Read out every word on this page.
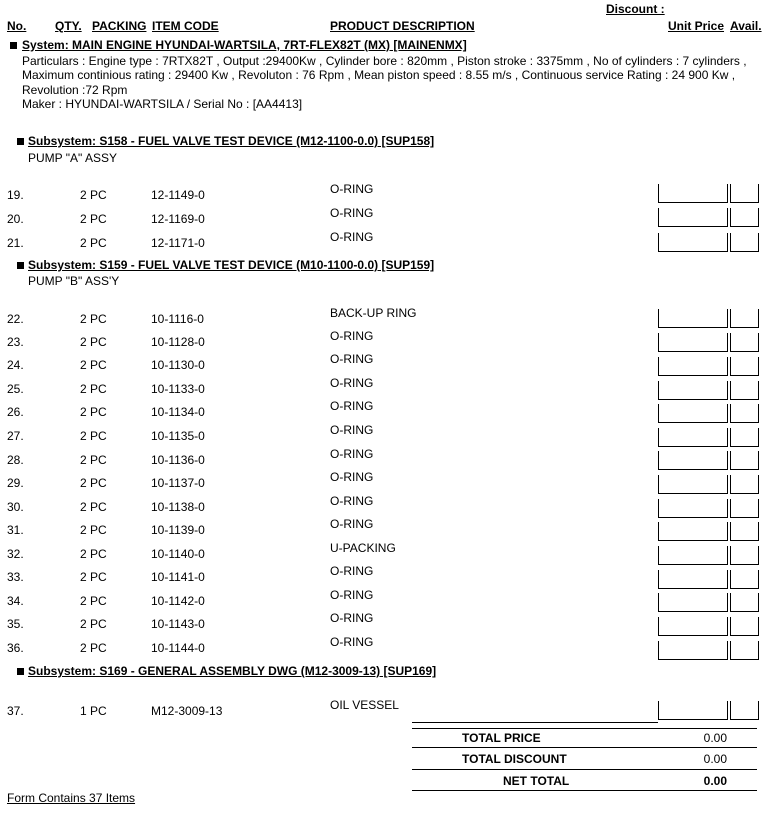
Discount :
No. QTY. PACKING ITEM CODE	PRODUCT DESCRIPTION	Unit Price Avail.
System: MAIN ENGINE HYUNDAI-WARTSILA, 7RT-FLEX82T (MX) [MAINENMX]
Particulars : Engine type : 7RTX82T , Output :29400Kw , Cylinder bore : 820mm , Piston stroke : 3375mm , No of cylinders : 7 cylinders , Maximum continious rating : 29400 Kw , Revoluton : 76 Rpm , Mean piston speed : 8.55 m/s , Continuous service Rating : 24 900 Kw , Revolution :72 Rpm
Maker : HYUNDAI-WARTSILA / Serial No : [AA4413]
Subsystem: S158 - FUEL VALVE TEST DEVICE (M12-1100-0.0) [SUP158]
PUMP "A" ASSY
Subsystem: S159 - FUEL VALVE TEST DEVICE (M10-1100-0.0) [SUP159]
PUMP "B" ASS'Y
Subsystem: S169 - GENERAL ASSEMBLY DWG (M12-3009-13) [SUP169]
19.	2 PC	12-1149-0	O-RING
20.	2 PC	12-1169-0	O-RING
21.	2 PC	12-1171-0	O-RING
22.	2 PC	10-1116-0	BACK-UP RING
23.	2 PC	10-1128-0	O-RING
24.	2 PC	10-1130-0	O-RING
25.	2 PC	10-1133-0	O-RING
26.	2 PC	10-1134-0	O-RING
27.	2 PC	10-1135-0	O-RING
28.	2 PC	10-1136-0	O-RING
29.	2 PC	10-1137-0	O-RING
30.	2 PC	10-1138-0	O-RING
31.	2 PC	10-1139-0	O-RING
32.	2 PC	10-1140-0	U-PACKING
33.	2 PC	10-1141-0	O-RING
34.	2 PC	10-1142-0	O-RING
35.	2 PC	10-1143-0	O-RING
36.	2 PC	10-1144-0	O-RING
37.	1 PC	M12-3009-13	OIL VESSEL
TOTAL PRICE	0.00
TOTAL DISCOUNT	0.00
NET TOTAL	0.00
Form Contains 37 Items
